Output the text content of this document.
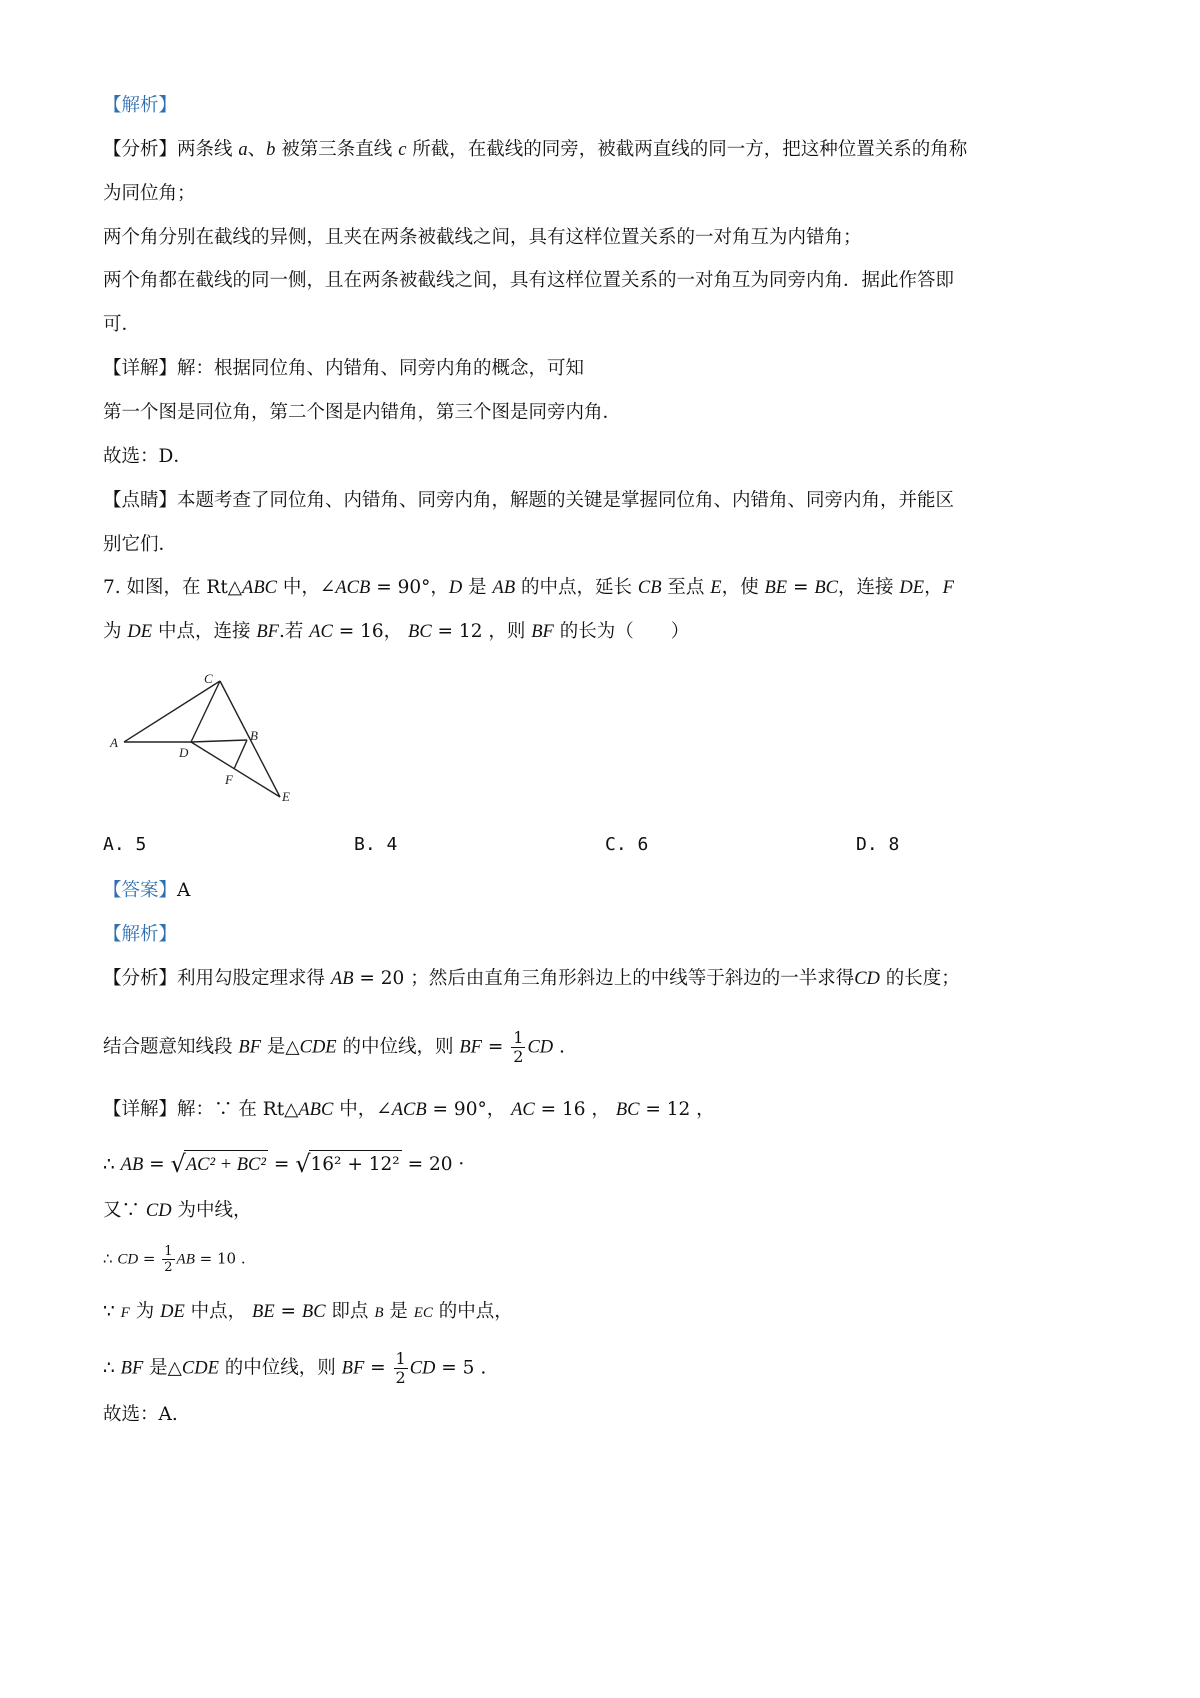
【解析】
【分析】两条线 a、b 被第三条直线 c 所截，在截线的同旁，被截两直线的同一方，把这种位置关系的角称
为同位角；
两个角分别在截线的异侧，且夹在两条被截线之间，具有这样位置关系的一对角互为内错角；
两个角都在截线的同一侧，且在两条被截线之间，具有这样位置关系的一对角互为同旁内角．据此作答即
可．
【详解】解：根据同位角、内错角、同旁内角的概念，可知
第一个图是同位角，第二个图是内错角，第三个图是同旁内角．
故选：D．
【点睛】本题考查了同位角、内错角、同旁内角，解题的关键是掌握同位角、内错角、同旁内角，并能区
别它们．
7. 如图，在 Rt△ABC 中，∠ACB = 90°，D 是 AB 的中点，延长 CB 至点 E，使 BE = BC，连接 DE，F
为 DE 中点，连接 BF.若 AC = 16， BC = 12 ，则 BF 的长为（　　）
A	B
C
D
E
F
A. 5	B. 4	C. 6	D. 8
【答案】A
【解析】
【分析】利用勾股定理求得 AB = 20 ；然后由直角三角形斜边上的中线等于斜边的一半求得CD 的长度；
结合题意知线段 BF 是△CDE 的中位线，则 BF = $\frac{1}{2}$ CD .
【详解】解：∵ 在 Rt△ABC 中，∠ACB = 90°， AC = 16 ， BC = 12 ，
∴ AB = √AC² + BC² = √16² + 12² = 20 ·
又∵ CD 为中线，
∴ CD = $\frac{1}{2}$ AB = 10 .
∵ F 为 DE 中点， BE = BC 即点 B 是 EC 的中点，
∴ BF 是△CDE 的中位线，则 BF = $\frac{1}{2}$ CD = 5 .
故选：A.
